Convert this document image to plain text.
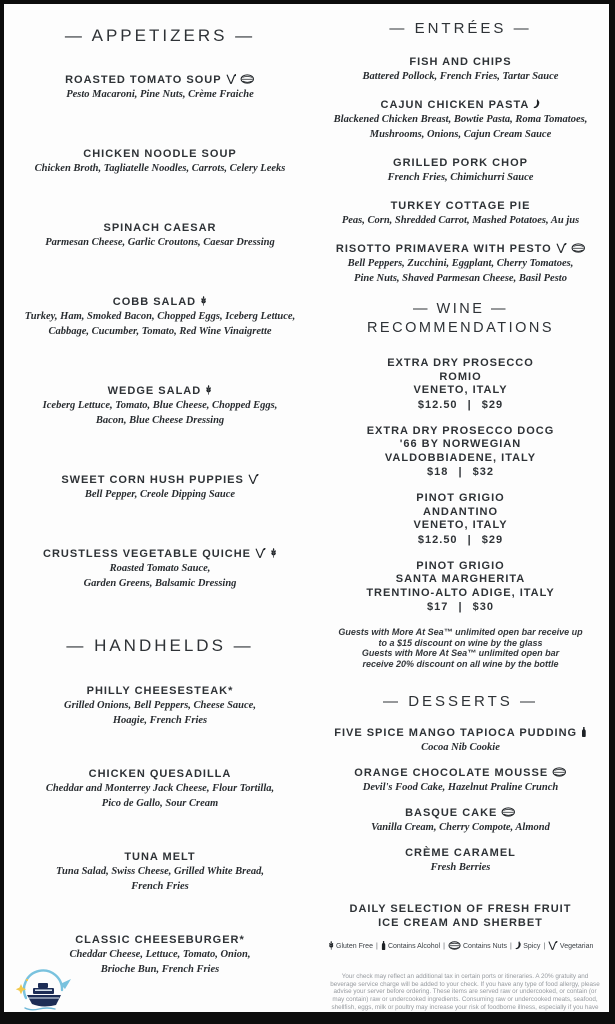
— APPETIZERS —
ROASTED TOMATO SOUP
Pesto Macaroni, Pine Nuts, Crème Fraiche
CHICKEN NOODLE SOUP
Chicken Broth, Tagliatelle Noodles, Carrots, Celery Leeks
SPINACH CAESAR
Parmesan Cheese, Garlic Croutons, Caesar Dressing
COBB SALAD
Turkey, Ham, Smoked Bacon, Chopped Eggs, Iceberg Lettuce,
Cabbage, Cucumber, Tomato, Red Wine Vinaigrette
WEDGE SALAD
Iceberg Lettuce, Tomato, Blue Cheese, Chopped Eggs,
Bacon, Blue Cheese Dressing
SWEET CORN HUSH PUPPIES
Bell Pepper, Creole Dipping Sauce
CRUSTLESS VEGETABLE QUICHE
Roasted Tomato Sauce,
Garden Greens, Balsamic Dressing
— HANDHELDS —
PHILLY CHEESESTEAK*
Grilled Onions, Bell Peppers, Cheese Sauce,
Hoagie, French Fries
CHICKEN QUESADILLA
Cheddar and Monterrey Jack Cheese, Flour Tortilla,
Pico de Gallo, Sour Cream
TUNA MELT
Tuna Salad, Swiss Cheese, Grilled White Bread,
French Fries
CLASSIC CHEESEBURGER*
Cheddar Cheese, Lettuce, Tomato, Onion,
Brioche Bun, French Fries
— ENTRÉES —
FISH AND CHIPS
Battered Pollock, French Fries, Tartar Sauce
CAJUN CHICKEN PASTA
Blackened Chicken Breast, Bowtie Pasta, Roma Tomatoes,
Mushrooms, Onions, Cajun Cream Sauce
GRILLED PORK CHOP
French Fries, Chimichurri Sauce
TURKEY COTTAGE PIE
Peas, Corn, Shredded Carrot, Mashed Potatoes, Au jus
RISOTTO PRIMAVERA WITH PESTO
Bell Peppers, Zucchini, Eggplant, Cherry Tomatoes,
Pine Nuts, Shaved Parmesan Cheese, Basil Pesto
— WINE —
RECOMMENDATIONS
EXTRA DRY PROSECCO
ROMIO
VENETO, ITALY
$12.50 | $29
EXTRA DRY PROSECCO DOCG
'66 BY NORWEGIAN
VALDOBBIADENE, ITALY
$18 | $32
PINOT GRIGIO
ANDANTINO
VENETO, ITALY
$12.50 | $29
PINOT GRIGIO
SANTA MARGHERITA
TRENTINO-ALTO ADIGE, ITALY
$17 | $30
Guests with More At Sea™ unlimited open bar receive up
to a $15 discount on wine by the glass
Guests with More At Sea™ unlimited open bar
receive 20% discount on all wine by the bottle
— DESSERTS —
FIVE SPICE MANGO TAPIOCA PUDDING
Cocoa Nib Cookie
ORANGE CHOCOLATE MOUSSE
Devil's Food Cake, Hazelnut Praline Crunch
BASQUE CAKE
Vanilla Cream, Cherry Compote, Almond
CRÈME CARAMEL
Fresh Berries
DAILY SELECTION OF FRESH FRUIT
ICE CREAM AND SHERBET
Gluten Free | Contains Alcohol |	Contains Nuts | Spicy | Vegetarian
Your check may reflect an additional tax in certain ports or itineraries. A 20% gratuity and beverage service charge will be added to your check. If you have any type of food allergy, please advise your server before ordering. These items are served raw or undercooked, or contain (or may contain) raw or undercooked ingredients. Consuming raw or undercooked meats, seafood, shellfish, eggs, milk or poultry may increase your risk of foodborne illness, especially if you have certain medical conditions.
SHINECRUISE
